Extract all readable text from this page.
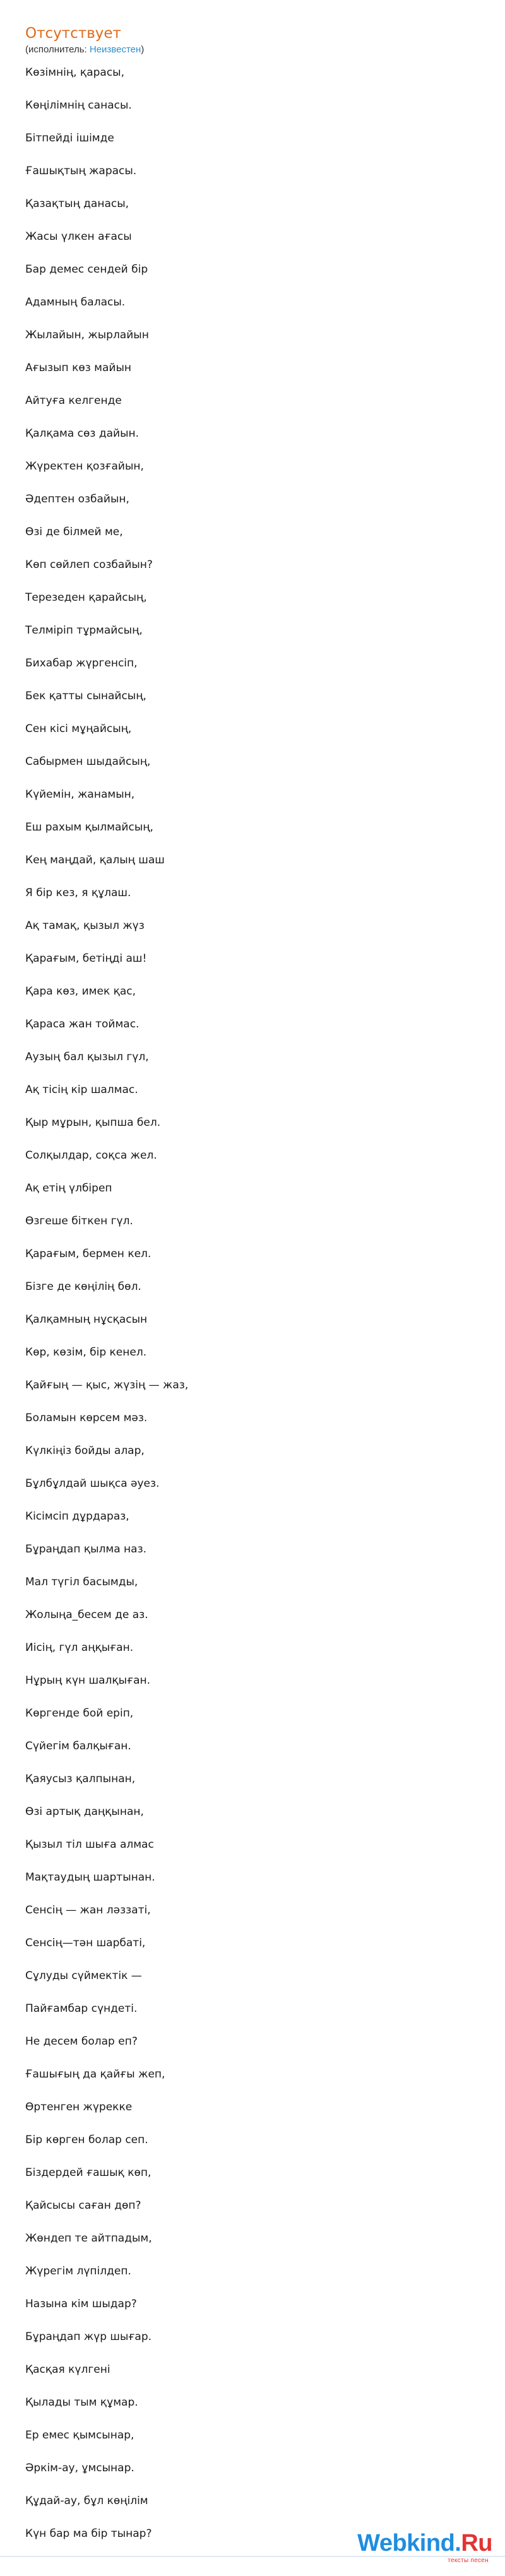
Отсутствует
(исполнитель: Неизвестен)
Көзімнің, қарасы,
Көңілімнің санасы.
Бітпейді ішімде
Ғашықтың жарасы.
Қазақтың данасы,
Жасы үлкен ағасы
Бар демес сендей бір
Адамның баласы.
Жылайын, жырлайын
Ағызып көз майын
Айтуға келгенде
Қалқама сөз дайын.
Жүректен қозғайын,
Әдептен озбайын,
Өзі де білмей ме,
Көп сөйлеп созбайын?
Терезеден қарайсың,
Телміріп тұрмайсың,
Бихабар жүргенсіп,
Бек қатты сынайсың,
Сен кісі мұңайсың,
Сабырмен шыдайсың,
Күйемін, жанамын,
Еш рахым қылмайсың,
Кең маңдай, қалың шаш
Я бір кез, я құлаш.
Ақ тамақ, қызыл жүз
Қарағым, бетіңді аш!
Қара көз, имек қас,
Қараса жан тоймас.
Аузың бал қызыл гүл,
Ақ тісің кір шалмас.
Қыр мұрын, қыпша бел.
Солқылдар, соқса жел.
Ақ етің үлбіреп
Өзгеше біткен гүл.
Қарағым, бермен кел.
Бізге де көңілің бөл.
Қалқамның нұсқасын
Көр, көзім, бір кенел.
Қайғың — қыс, жүзің — жаз,
Боламын көрсем мәз.
Күлкіңіз бойды алар,
Бұлбұлдай шықса әуез.
Кісімсіп дұрдараз,
Бұраңдап қылма наз.
Мал түгіл басымды,
Жолыңа_бесем де аз.
Иісің, гүл аңқыған.
Нұрың күн шалқыған.
Көргенде бой еріп,
Сүйегім балқыған.
Қаяусыз қалпынан,
Өзі артық даңқынан,
Қызыл тіл шыға алмас
Мақтаудың шартынан.
Сенсің — жан ләззаті,
Сенсің—тән шарбаті,
Сұлуды сүймектік —
Пайғамбар сүндеті.
Не десем болар еп?
Ғашығың да қайғы жеп,
Өртенген жүрекке
Бір көрген болар сеп.
Біздердей ғашық көп,
Қайсысы саған дөп?
Жөндеп те айтпадым,
Жүрегім лүпілдеп.
Назына кім шыдар?
Бұраңдап жүр шығар.
Қасқая күлгені
Қылады тым құмар.
Ер емес қымсынар,
Әркім-ау, ұмсынар.
Құдай-ау, бұл көңілім
Күн бар ма бір тынар?	Webkind.Ru
тексты песен
